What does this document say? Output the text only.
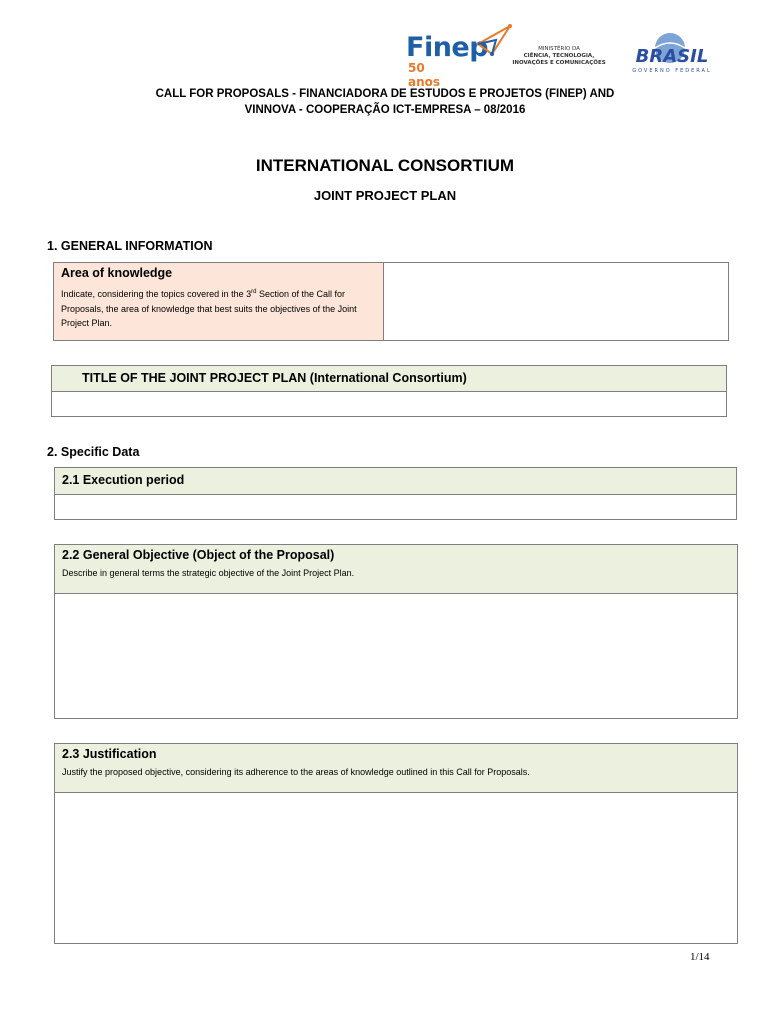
Finep
50 anos
MINISTÉRIO DA
CIÊNCIA, TECNOLOGIA,
INOVAÇÕES E COMUNICAÇÕES BRASIL
GOVERNO FEDERAL
CALL FOR PROPOSALS - FINANCIADORA DE ESTUDOS E PROJETOS (FINEP) AND
VINNOVA - COOPERAÇÃO ICT-EMPRESA – 08/2016
INTERNATIONAL CONSORTIUM
JOINT PROJECT PLAN
1. GENERAL INFORMATION
Area of knowledge
Indicate, considering the topics covered in the 3rd Section of the Call for Proposals, the area of knowledge that best suits the objectives of the Joint Project Plan.
TITLE OF THE JOINT PROJECT PLAN (International Consortium)
2. Specific Data
2.1 Execution period
2.2 General Objective (Object of the Proposal)
Describe in general terms the strategic objective of the Joint Project Plan.
2.3 Justification
Justify the proposed objective, considering its adherence to the areas of knowledge outlined in this Call for Proposals.
1/14
